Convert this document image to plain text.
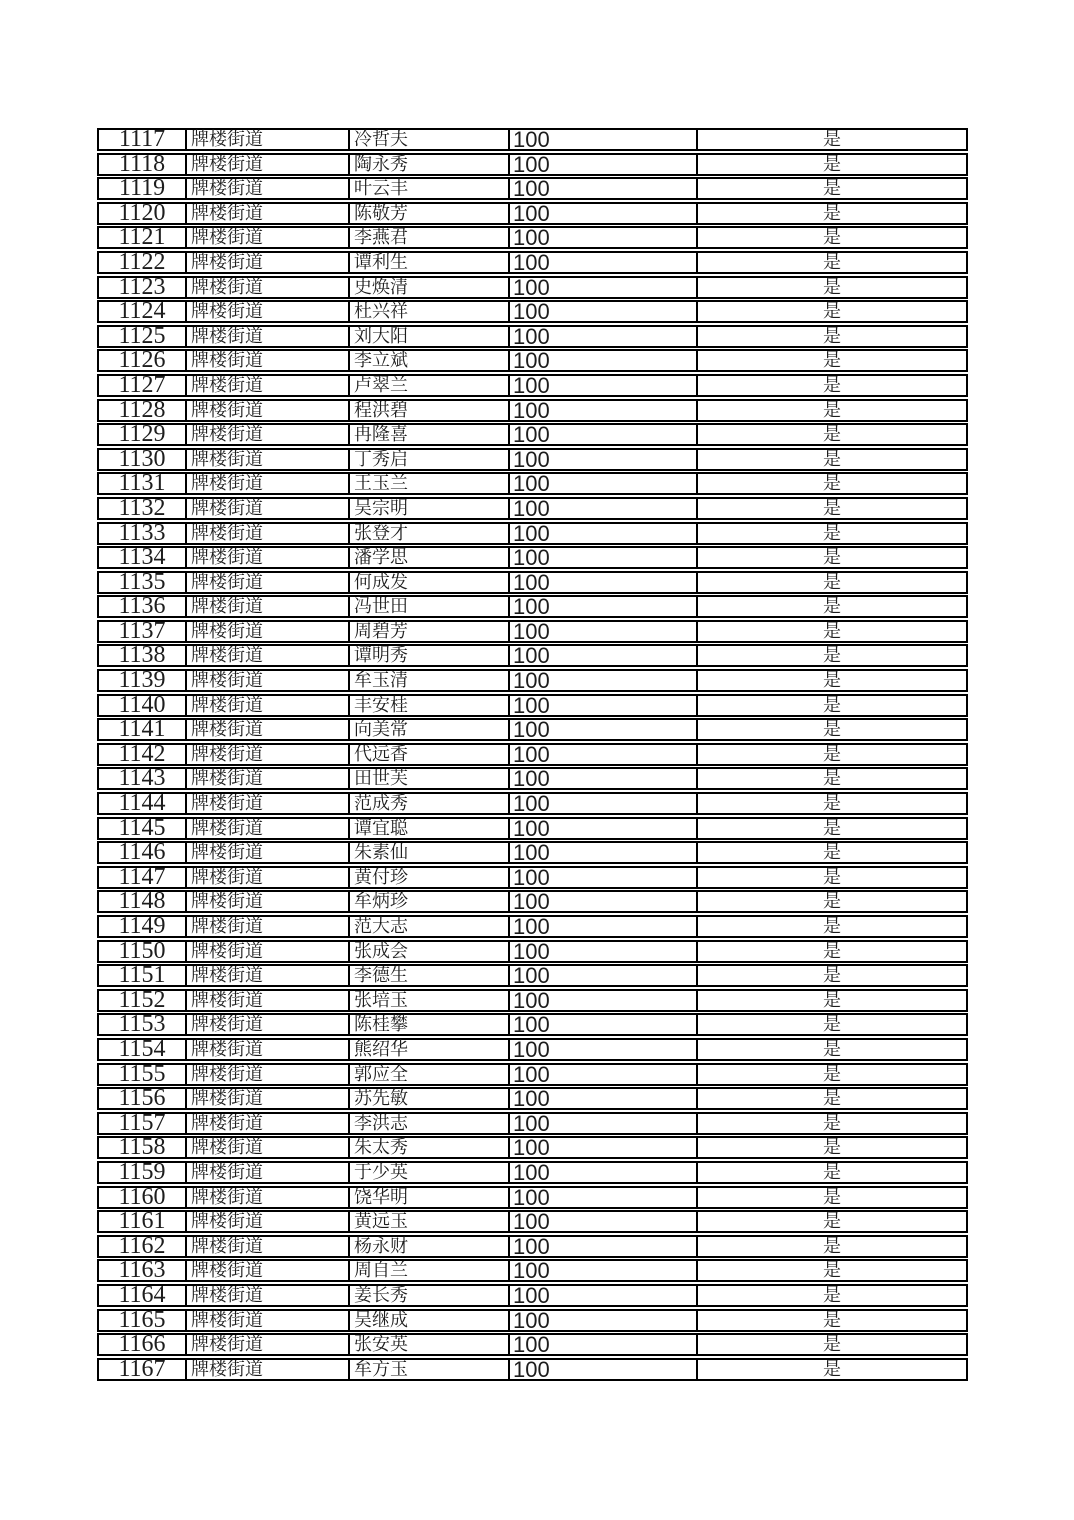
1117	牌楼街道	冷哲夫	100	是
1118	牌楼街道	陶永秀	100	是
1119	牌楼街道	叶云丰	100	是
1120	牌楼街道	陈敬芳	100	是
1121	牌楼街道	李燕君	100	是
1122	牌楼街道	谭利生	100	是
1123	牌楼街道	史焕清	100	是
1124	牌楼街道	杜兴祥	100	是
1125	牌楼街道	刘大阳	100	是
1126	牌楼街道	李立斌	100	是
1127	牌楼街道	卢翠兰	100	是
1128	牌楼街道	程洪碧	100	是
1129	牌楼街道	冉隆喜	100	是
1130	牌楼街道	丁秀启	100	是
1131	牌楼街道	王玉兰	100	是
1132	牌楼街道	吴宗明	100	是
1133	牌楼街道	张登才	100	是
1134	牌楼街道	潘学思	100	是
1135	牌楼街道	何成发	100	是
1136	牌楼街道	冯世田	100	是
1137	牌楼街道	周碧芳	100	是
1138	牌楼街道	谭明秀	100	是
1139	牌楼街道	牟玉清	100	是
1140	牌楼街道	丰安桂	100	是
1141	牌楼街道	向美常	100	是
1142	牌楼街道	代远香	100	是
1143	牌楼街道	田世芙	100	是
1144	牌楼街道	范成秀	100	是
1145	牌楼街道	谭宜聪	100	是
1146	牌楼街道	朱素仙	100	是
1147	牌楼街道	黄付珍	100	是
1148	牌楼街道	牟炳珍	100	是
1149	牌楼街道	范大志	100	是
1150	牌楼街道	张成会	100	是
1151	牌楼街道	李德生	100	是
1152	牌楼街道	张培玉	100	是
1153	牌楼街道	陈桂攀	100	是
1154	牌楼街道	熊绍华	100	是
1155	牌楼街道	郭应全	100	是
1156	牌楼街道	苏先敏	100	是
1157	牌楼街道	李洪志	100	是
1158	牌楼街道	朱太秀	100	是
1159	牌楼街道	于少英	100	是
1160	牌楼街道	饶华明	100	是
1161	牌楼街道	黄远玉	100	是
1162	牌楼街道	杨永财	100	是
1163	牌楼街道	周自兰	100	是
1164	牌楼街道	姜长秀	100	是
1165	牌楼街道	吴继成	100	是
1166	牌楼街道	张安英	100	是
1167	牌楼街道	牟方玉	100	是
